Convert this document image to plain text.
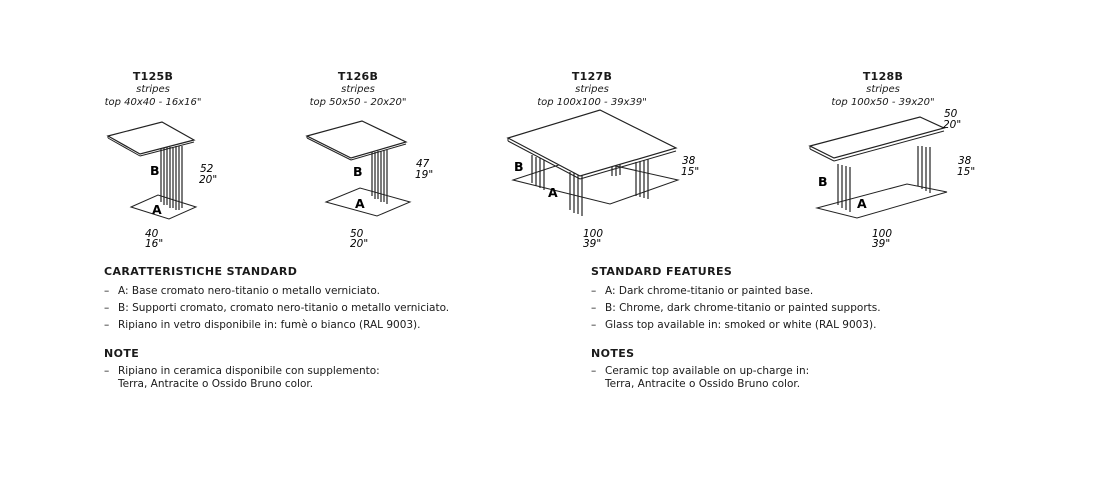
T125B
stripes
top 40x40 - 16x16"
T126B
stripes
top 50x50 - 20x20"
T127B
stripes
top 100x100 - 39x39"
T128B
stripes
top 100x50 - 39x20"
B
A
B
A
B
A
B
A
52
20"
40
16"
47
19"
50
20"
38
15"
100
39"
50
20"
38
15"
100
39"
CARATTERISTICHE STANDARD
– A: Base cromato nero-titanio o metallo verniciato.
– B: Supporti cromato, cromato nero-titanio o metallo verniciato.
– Ripiano in vetro disponibile in: fumè o bianco (RAL 9003).
NOTE
– Ripiano in ceramica disponibile con supplemento:
Terra, Antracite o Ossido Bruno color.
STANDARD FEATURES
– A: Dark chrome-titanio or painted base.
– B: Chrome, dark chrome-titanio or painted supports.
– Glass top available in: smoked or white (RAL 9003).
NOTES
– Ceramic top available on up-charge in:
Terra, Antracite o Ossido Bruno color.
